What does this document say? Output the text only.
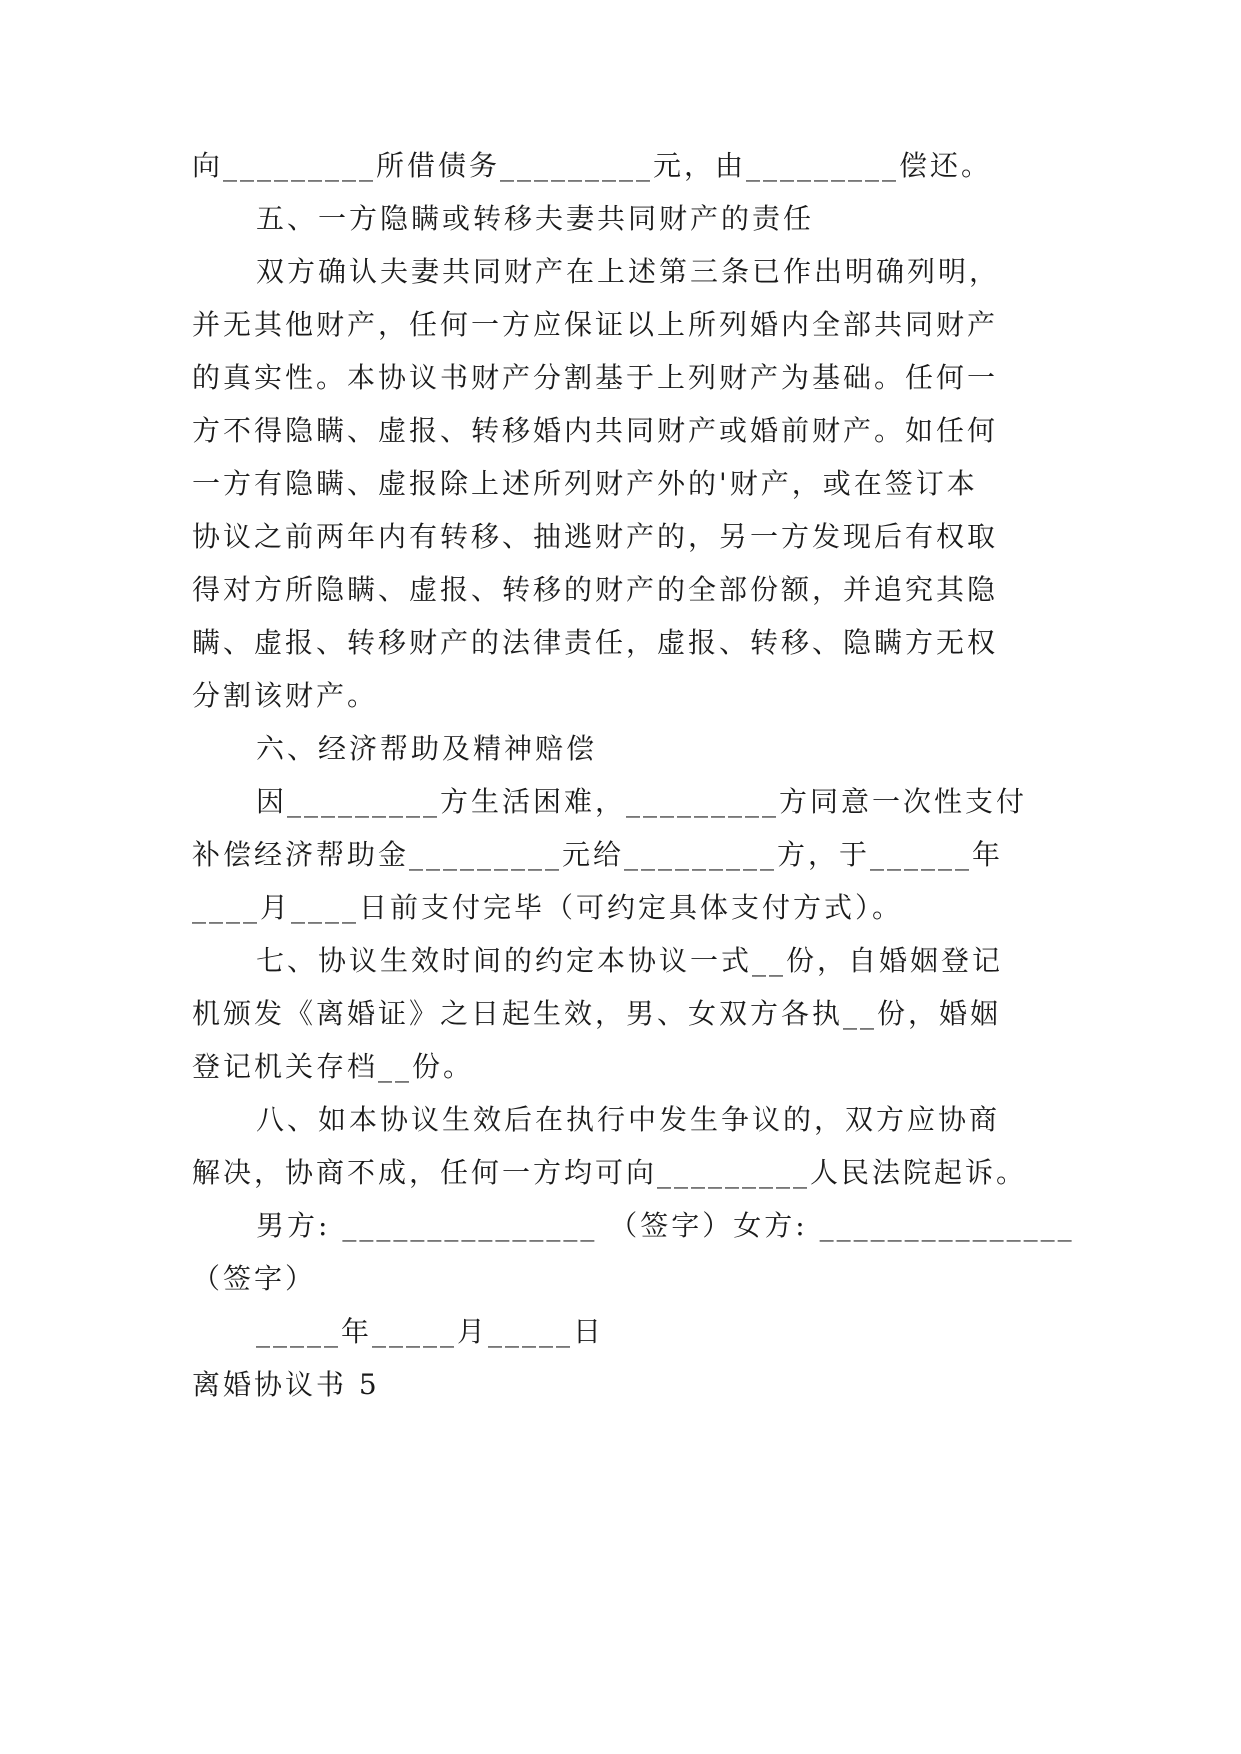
向_________所借债务_________元，由_________偿还。
五、一方隐瞒或转移夫妻共同财产的责任
双方确认夫妻共同财产在上述第三条已作出明确列明，
并无其他财产，任何一方应保证以上所列婚内全部共同财产
的真实性。本协议书财产分割基于上列财产为基础。任何一
方不得隐瞒、虚报、转移婚内共同财产或婚前财产。如任何
一方有隐瞒、虚报除上述所列财产外的'财产，或在签订本
协议之前两年内有转移、抽逃财产的，另一方发现后有权取
得对方所隐瞒、虚报、转移的财产的全部份额，并追究其隐
瞒、虚报、转移财产的法律责任，虚报、转移、隐瞒方无权
分割该财产。
六、经济帮助及精神赔偿
因_________方生活困难，_________方同意一次性支付
补偿经济帮助金_________元给_________方，于______年
____月____日前支付完毕（可约定具体支付方式）。
七、协议生效时间的约定本协议一式__份，自婚姻登记
机颁发《离婚证》之日起生效，男、女双方各执__份，婚姻
登记机关存档__份。
八、如本协议生效后在执行中发生争议的，双方应协商
解决，协商不成，任何一方均可向_________人民法院起诉。
男方: _______________ （签字）女方: _______________
（签字）
_____年_____月_____日
离婚协议书 5
